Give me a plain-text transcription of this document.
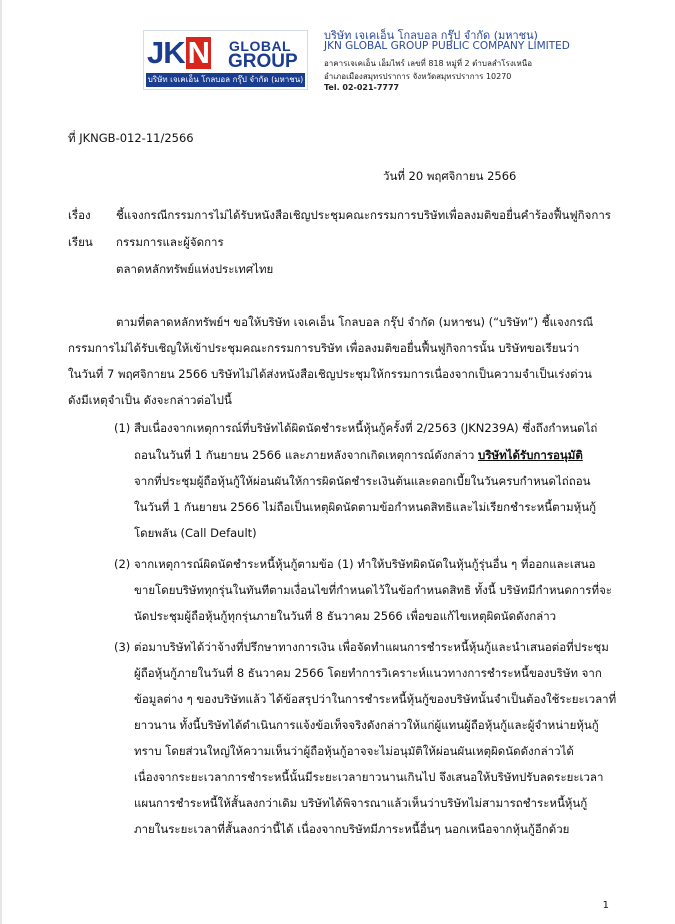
JKN GLOBAL
GROUP
บริษัท เจเคเอ็น โกลบอล กรุ๊ป จำกัด (มหาชน)
บริษัท เจเคเอ็น โกลบอล กรุ๊ป จำกัด (มหาชน)
JKN GLOBAL GROUP PUBLIC COMPANY LIMITED
อาคารเจเคเอ็น เอ็มไพร์ เลขที่ 818 หมู่ที่ 2 ตำบลสำโรงเหนือ
อำเภอเมืองสมุทรปราการ จังหวัดสมุทรปราการ 10270
Tel. 02-021-7777
ที่ JKNGB-012-11/2566
วันที่ 20 พฤศจิกายน 2566
เรื่อง ชี้แจงกรณีกรรมการไม่ได้รับหนังสือเชิญประชุมคณะกรรมการบริษัทเพื่อลงมติขอยื่นคำร้องฟื้นฟูกิจการ
เรียน กรรมการและผู้จัดการ
ตลาดหลักทรัพย์แห่งประเทศไทย
ตามที่ตลาดหลักทรัพย์ฯ ขอให้บริษัท เจเคเอ็น โกลบอล กรุ๊ป จำกัด (มหาชน) (“บริษัท”) ชี้แจงกรณี
กรรมการไม่ได้รับเชิญให้เข้าประชุมคณะกรรมการบริษัท เพื่อลงมติขอยื่นฟื้นฟูกิจการนั้น บริษัทขอเรียนว่า
ในวันที่ 7 พฤศจิกายน 2566 บริษัทไม่ได้ส่งหนังสือเชิญประชุมให้กรรมการเนื่องจากเป็นความจำเป็นเร่งด่วน
ดังมีเหตุจำเป็น ดังจะกล่าวต่อไปนี้
(1) สืบเนื่องจากเหตุการณ์ที่บริษัทได้ผิดนัดชำระหนี้หุ้นกู้ครั้งที่ 2/2563 (JKN239A) ซึ่งถึงกำหนดไถ่
ถอนในวันที่ 1 กันยายน 2566 และภายหลังจากเกิดเหตุการณ์ดังกล่าว บริษัทได้รับการอนุมัติ
จากที่ประชุมผู้ถือหุ้นกู้ให้ผ่อนผันให้การผิดนัดชำระเงินต้นและดอกเบี้ยในวันครบกำหนดไถ่ถอน
ในวันที่ 1 กันยายน 2566 ไม่ถือเป็นเหตุผิดนัดตามข้อกำหนดสิทธิและไม่เรียกชำระหนี้ตามหุ้นกู้
โดยพลัน (Call Default)
(2) จากเหตุการณ์ผิดนัดชำระหนี้หุ้นกู้ตามข้อ (1) ทำให้บริษัทผิดนัดในหุ้นกู้รุ่นอื่น ๆ ที่ออกและเสนอ
ขายโดยบริษัททุกรุ่นในทันทีตามเงื่อนไขที่กำหนดไว้ในข้อกำหนดสิทธิ ทั้งนี้ บริษัทมีกำหนดการที่จะ
นัดประชุมผู้ถือหุ้นกู้ทุกรุ่นภายในวันที่ 8 ธันวาคม 2566 เพื่อขอแก้ไขเหตุผิดนัดดังกล่าว
(3) ต่อมาบริษัทได้ว่าจ้างที่ปรึกษาทางการเงิน เพื่อจัดทำแผนการชำระหนี้หุ้นกู้และนำเสนอต่อที่ประชุม
ผู้ถือหุ้นกู้ภายในวันที่ 8 ธันวาคม 2566 โดยทำการวิเคราะห์แนวทางการชำระหนี้ของบริษัท จาก
ข้อมูลต่าง ๆ ของบริษัทแล้ว ได้ข้อสรุปว่าในการชำระหนี้หุ้นกู้ของบริษัทนั้นจำเป็นต้องใช้ระยะเวลาที่
ยาวนาน ทั้งนี้บริษัทได้ดำเนินการแจ้งข้อเท็จจริงดังกล่าวให้แก่ผู้แทนผู้ถือหุ้นกู้และผู้จำหน่ายหุ้นกู้
ทราบ โดยส่วนใหญ่ให้ความเห็นว่าผู้ถือหุ้นกู้อาจจะไม่อนุมัติให้ผ่อนผันเหตุผิดนัดดังกล่าวได้
เนื่องจากระยะเวลาการชำระหนี้นั้นมีระยะเวลายาวนานเกินไป จึงเสนอให้บริษัทปรับลดระยะเวลา
แผนการชำระหนี้ให้สั้นลงกว่าเดิม บริษัทได้พิจารณาแล้วเห็นว่าบริษัทไม่สามารถชำระหนี้หุ้นกู้
ภายในระยะเวลาที่สั้นลงกว่านี้ได้ เนื่องจากบริษัทมีภาระหนี้อื่นๆ นอกเหนือจากหุ้นกู้อีกด้วย
1
